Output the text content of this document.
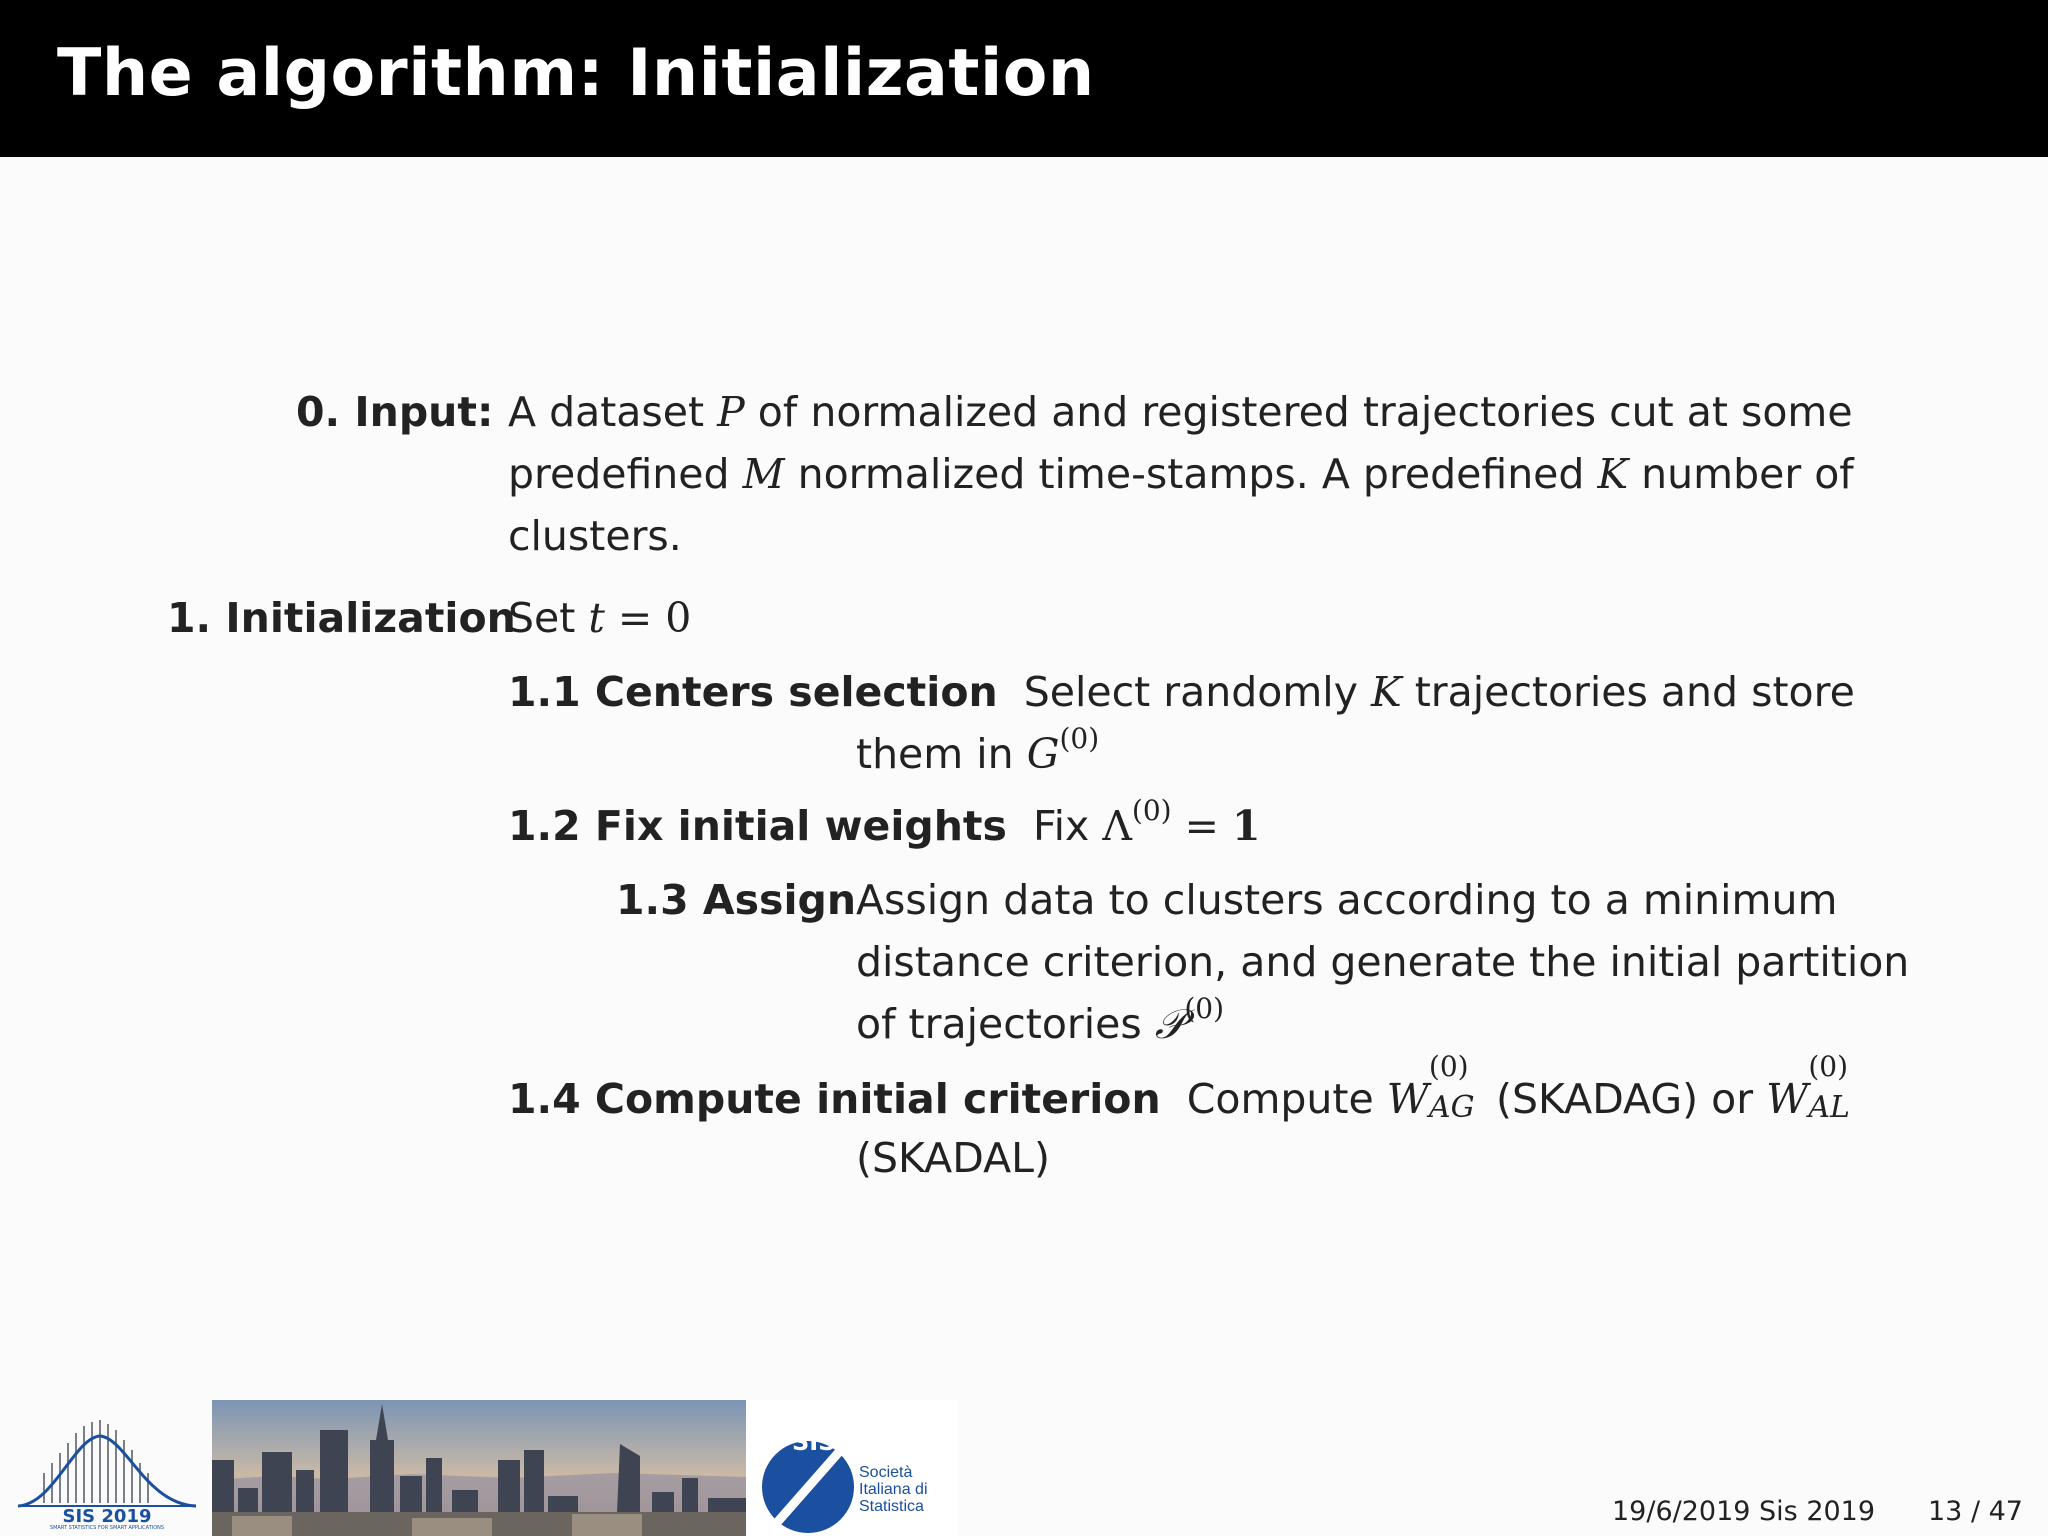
The algorithm: Initialization
0. Input: A dataset P of normalized and registered trajectories cut at some
predefined M normalized time-stamps. A predefined K number of
clusters.
1. Initialization
Set t = 0
1.1 Centers selection Select randomly K trajectories and store
them in $G^{(0)}$
1.2 Fix initial weights Fix $\Lambda^{(0)} = 1$
1.3 Assign Assign data to clusters according to a minimum
distance criterion, and generate the initial partition
of trajectories 𝒫$^{(0)}$
1.4 Compute initial criterion Compute W
(0)
AG (SKADAG) or W
(0)
AL
(SKADAL)
SIS 2019
SMART STATISTICS FOR SMART APPLICATIONS
SIS
Società
Italiana di
Statistica	19/6/2019 Sis 2019 13 / 47
